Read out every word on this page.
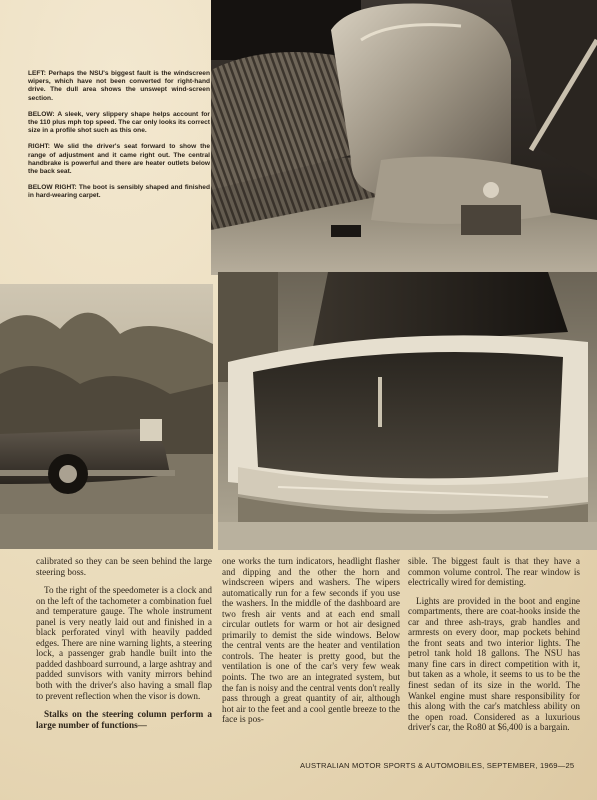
LEFT: Perhaps the NSU's biggest fault is the windscreen wipers, which have not been converted for right-hand drive. The dull area shows the unswept wind-screen section.

BELOW: A sleek, very slippery shape helps account for the 110 plus mph top speed. The car only looks its correct size in a profile shot such as this one.

RIGHT: We slid the driver's seat forward to show the range of adjustment and it came right out. The central handbrake is powerful and there are heater outlets below the back seat.

BELOW RIGHT: The boot is sensibly shaped and finished in hard-wearing carpet.

calibrated so they can be seen behind the large steering boss.

To the right of the speedometer is a clock and on the left of the tachometer a combination fuel and temperature gauge. The whole instrument panel is very neatly laid out and finished in a black perforated vinyl with heavily padded edges. There are nine warning lights, a steering lock, a passenger grab handle built into the padded dashboard surround, a large ashtray and padded sunvisors with vanity mirrors behind both with the driver's also having a small flap to prevent reflection when the visor is down.

Stalks on the steering column perform a large number of functions—

one works the turn indicators, headlight flasher and dipping and the other the horn and windscreen wipers and washers. The wipers automatically run for a few seconds if you use the washers. In the middle of the dashboard are two fresh air vents and at each end small circular outlets for warm or hot air designed primarily to demist the side windows. Below the central vents are the heater and ventilation controls. The heater is pretty good, but the ventilation is one of the car's very few weak points. The two are an integrated system, but the fan is noisy and the central vents don't really pass through a great quantity of air, although hot air to the feet and a cool gentle breeze to the face is pos-

sible. The biggest fault is that they have a common volume control. The rear window is electrically wired for demisting.

Lights are provided in the boot and engine compartments, there are coat-hooks inside the car and three ash-trays, grab handles and armrests on every door, map pockets behind the front seats and two interior lights. The petrol tank hold 18 gallons. The NSU has many fine cars in direct competition with it, but taken as a whole, it seems to us to be the finest sedan of its size in the world. The Wankel engine must share responsibility for this along with the car's matchless ability on the open road. Considered as a luxurious driver's car, the Ro80 at $6,400 is a bargain.

AUSTRALIAN MOTOR SPORTS & AUTOMOBILES, SEPTEMBER, 1969—25
